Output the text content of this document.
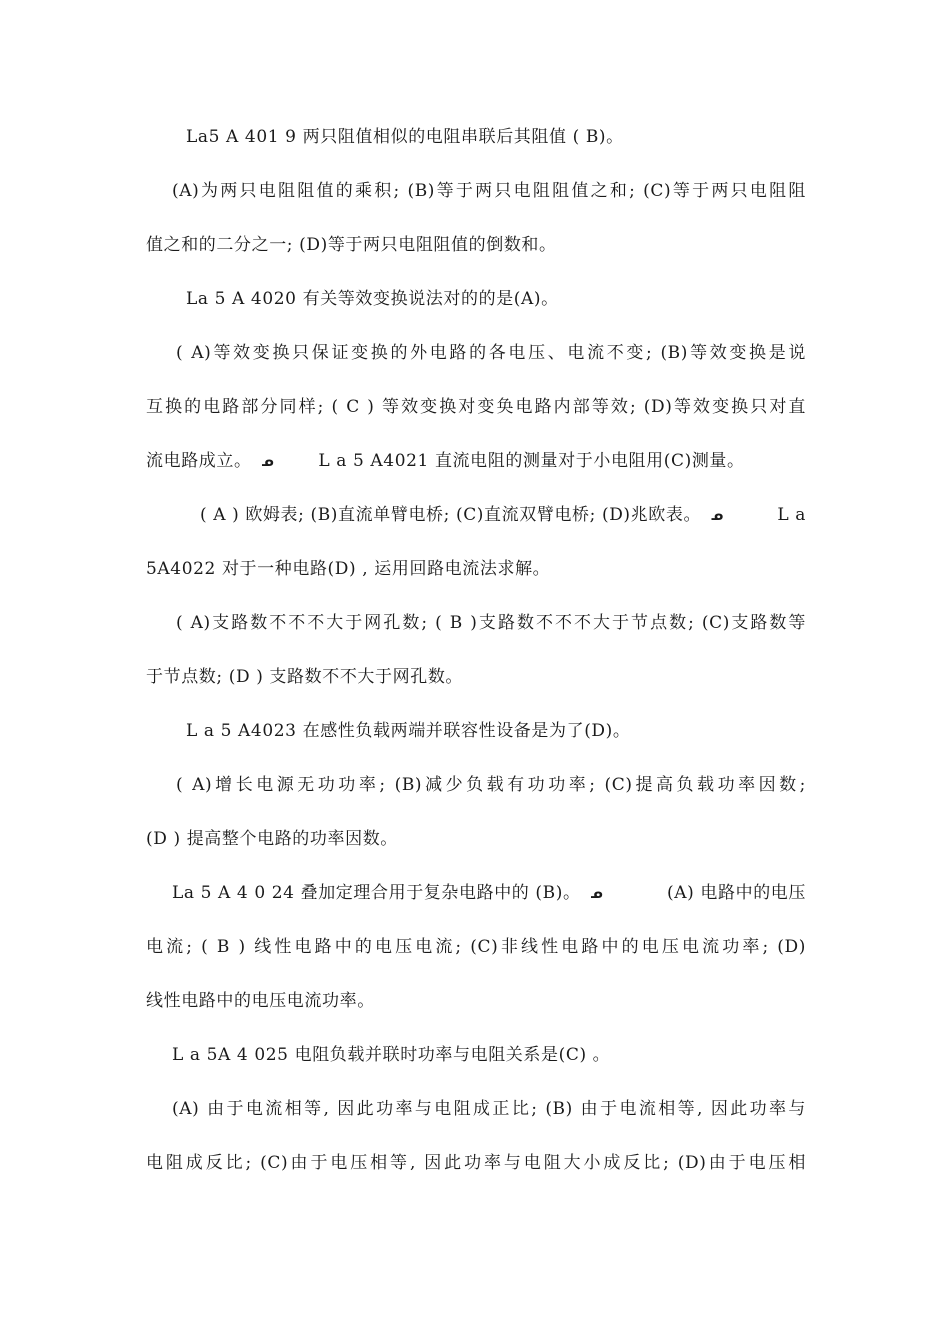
La5 A 401 9 两只阻值相似的电阻串联后其阻值 ( B)。
(A)为两只电阻阻值的乘积; (B)等于两只电阻阻值之和; (C)等于两只电阻阻
值之和的二分之一; (D)等于两只电阻阻值的倒数和。
La 5 A 4020 有关等效变换说法对的的是(A)。
( A)等效变换只保证变换的外电路的各电压、电流不变; (B)等效变换是说
互换的电路部分同样; ( C ) 等效变换对变奂电路内部等效; (D)等效变换只对直
流电路成立。 ᓄ	L a 5 A4021 直流电阻的测量对于小电阻用(C)测量。
( A ) 欧姆表; (B)直流单臂电桥; (C)直流双臂电桥; (D)兆欧表。 ᓄ	L a
5A4022 对于一种电路(D) , 运用回路电流法求解。
( A)支路数不不不大于网孔数; ( B )支路数不不不大于节点数; (C)支路数等
于节点数; (D ) 支路数不不大于网孔数。
L a 5 A4023 在感性负载两端并联容性设备是为了(D)。
( A)增长电源无功功率; (B)减少负载有功功率; (C)提高负载功率因数;
(D ) 提高整个电路的功率因数。
La 5 A 4 0 24 叠加定理合用于复杂电路中的 (B)。 ᓄ	(A) 电路中的电压
电流; ( B ) 线性电路中的电压电流; (C)非线性电路中的电压电流功率; (D)
线性电路中的电压电流功率。
L a 5A 4 025 电阻负载并联时功率与电阻关系是(C) 。
(A) 由于电流相等, 因此功率与电阻成正比; (B) 由于电流相等, 因此功率与
电阻成反比; (C)由于电压相等, 因此功率与电阻大小成反比; (D)由于电压相
